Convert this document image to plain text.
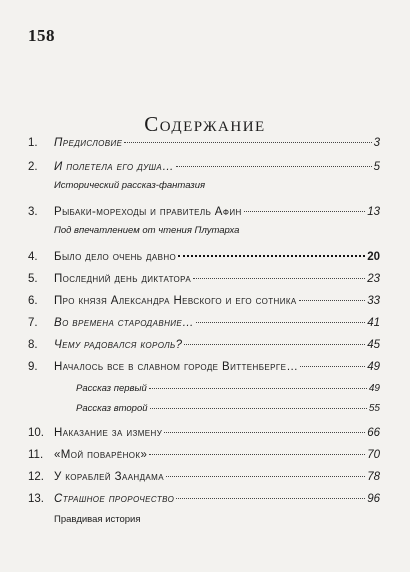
158
Содержание
1.	Предисловие	3
2.	И полетела его душа…	5
Исторический рассказ-фантазия
3.	Рыбаки-мореходы и правитель Афин	13
Под впечатлением от чтения Плутарха
4.	Было дело очень давно	20
5.	Последний день диктатора	23
6.	Про князя Александра Невского и его сотника	33
7.	Во времена стародавние…	41
8.	Чему радовался король?	45
9.	Началось все в славном городе Виттенберге…	49
Рассказ первый	49
Рассказ второй	55
10. Наказание за измену	66
11. «Мой поварёнок»	70
12. У кораблей Заандама	78
13. Страшное пророчество	96
Правдивая история
